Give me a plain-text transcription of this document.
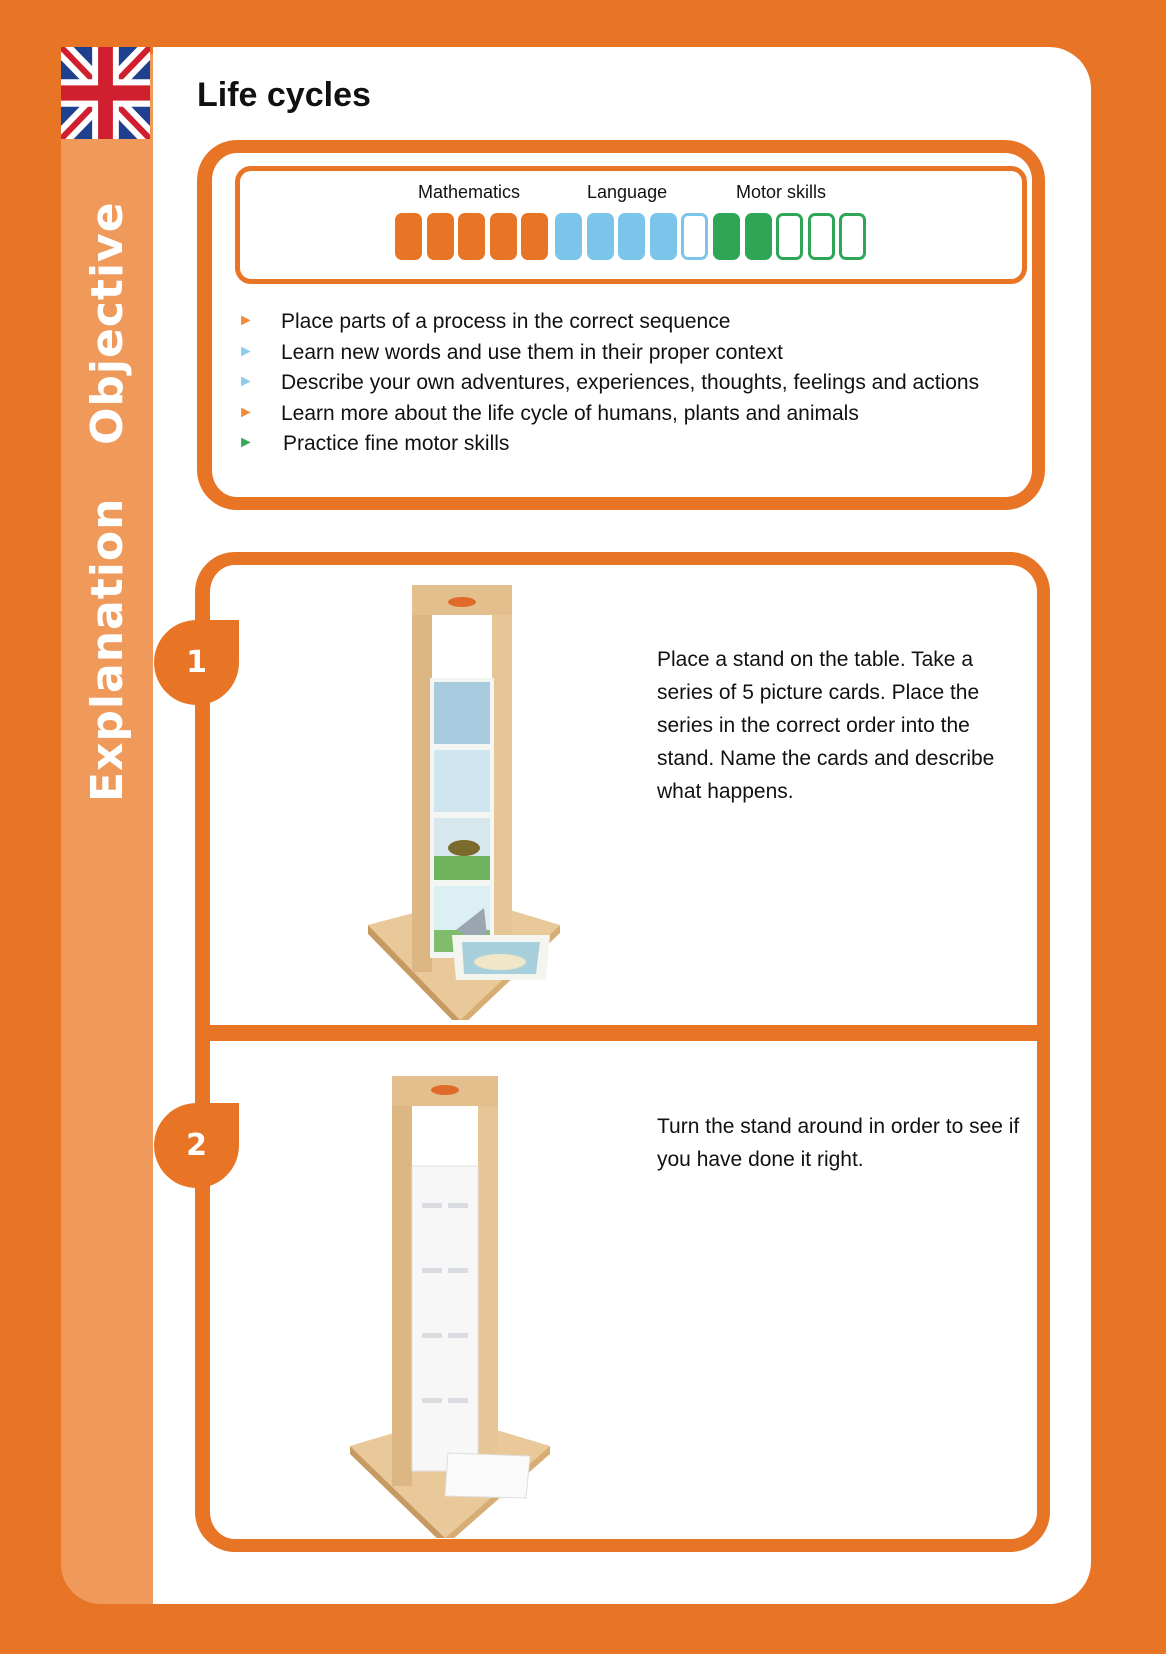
Objective
Explanation
Life cycles
Mathematics	Language	Motor skills
► Place parts of a process in the correct sequence
► Learn new words and use them in their proper context
► Describe your own adventures, experiences, thoughts, feelings and actions
► Learn more about the life cycle of humans, plants and animals
► Practice fine motor skills
1
2
Place a stand on the table. Take a series of 5 picture cards. Place the series in the correct order into the stand. Name the cards and describe what happens.
Turn the stand around in order to see if you have done it right.
